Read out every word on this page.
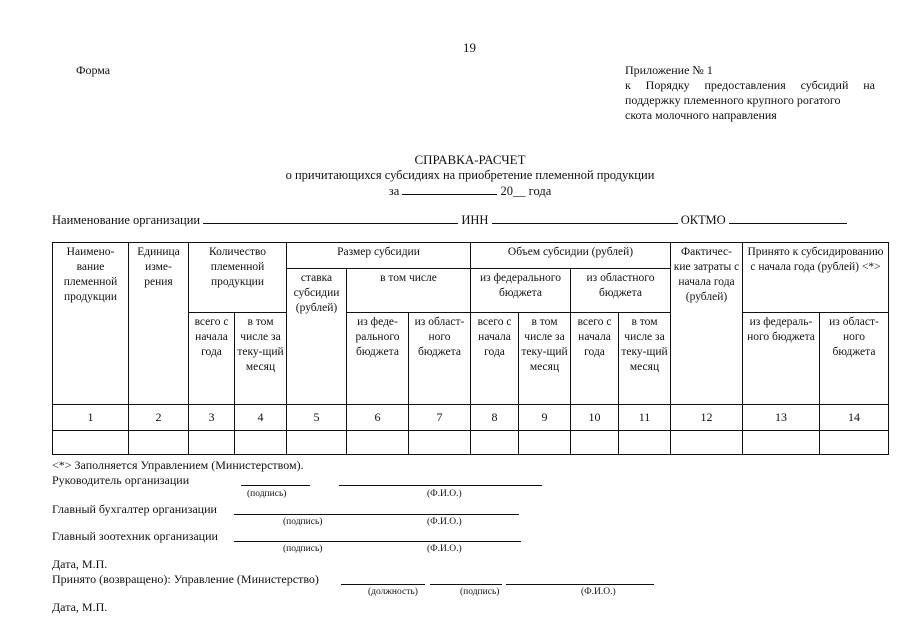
19
Форма	Приложение № 1
к Порядку предоставления субсидий на
поддержку племенного крупного рогатого
скота молочного направления
СПРАВКА-РАСЧЕТ
о причитающихся субсидиях на приобретение племенной продукции
за	20__ года
Наименование организации	ИНН	ОКТМО
Наимено-вание племенной продукции	Единица изме-рения	Количество племенной продукции		Размер субсидии			Объем субсидии (рублей)				Фактичес-кие затраты с начала года (рублей)	Принято к субсидированию с начала года (рублей) <*>	
				ставка субсидии (рублей)	в том числе		из федерального бюджета		из областного бюджета				
		всего с начала года	в том числе за теку-щий месяц		из феде-рального бюджета	из област-ного бюджета	всего с начала года	в том числе за теку-щий месяц	всего с начала года	в том числе за теку-щий месяц		из федераль-ного бюджета	из област-ного бюджета
1	2	3	4	5	6	7	8	9	10	11	12	13	14

<*> Заполняется Управлением (Министерством).
Руководитель организации
(подпись)	(Ф.И.О.)
Главный бухгалтер организации
(подпись)	(Ф.И.О.)
Главный зоотехник организации
(подпись)	(Ф.И.О.)
Дата, М.П.
Принято (возвращено): Управление (Министерство)
(должность)	(подпись)	(Ф.И.О.)
Дата, М.П.
